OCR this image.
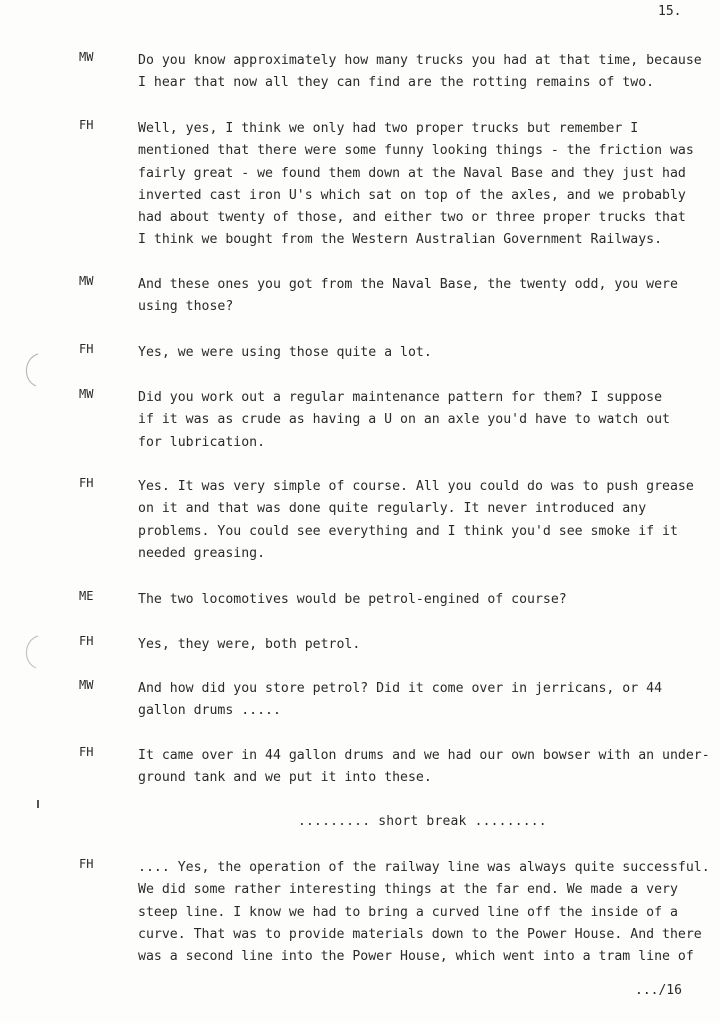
15.
MW	Do you know approximately how many trucks you had at that time, because
I hear that now all they can find are the rotting remains of two.
FH	Well, yes, I think we only had two proper trucks but remember I
mentioned that there were some funny looking things - the friction was
fairly great - we found them down at the Naval Base and they just had
inverted cast iron U's which sat on top of the axles, and we probably
had about twenty of those, and either two or three proper trucks that
I think we bought from the Western Australian Government Railways.
MW	And these ones you got from the Naval Base, the twenty odd, you were
using those?
FH	Yes, we were using those quite a lot.
MW	Did you work out a regular maintenance pattern for them? I suppose
if it was as crude as having a U on an axle you'd have to watch out
for lubrication.
FH	Yes. It was very simple of course. All you could do was to push grease
on it and that was done quite regularly. It never introduced any
problems. You could see everything and I think you'd see smoke if it
needed greasing.
ME	The two locomotives would be petrol-engined of course?
FH	Yes, they were, both petrol.
MW	And how did you store petrol? Did it come over in jerricans, or 44
gallon drums .....
FH	It came over in 44 gallon drums and we had our own bowser with an under-
ground tank and we put it into these.
FH	.... Yes, the operation of the railway line was always quite successful.
We did some rather interesting things at the far end. We made a very
steep line. I know we had to bring a curved line off the inside of a
curve. That was to provide materials down to the Power House. And there
was a second line into the Power House, which went into a tram line of
......... short break .........
.../16
